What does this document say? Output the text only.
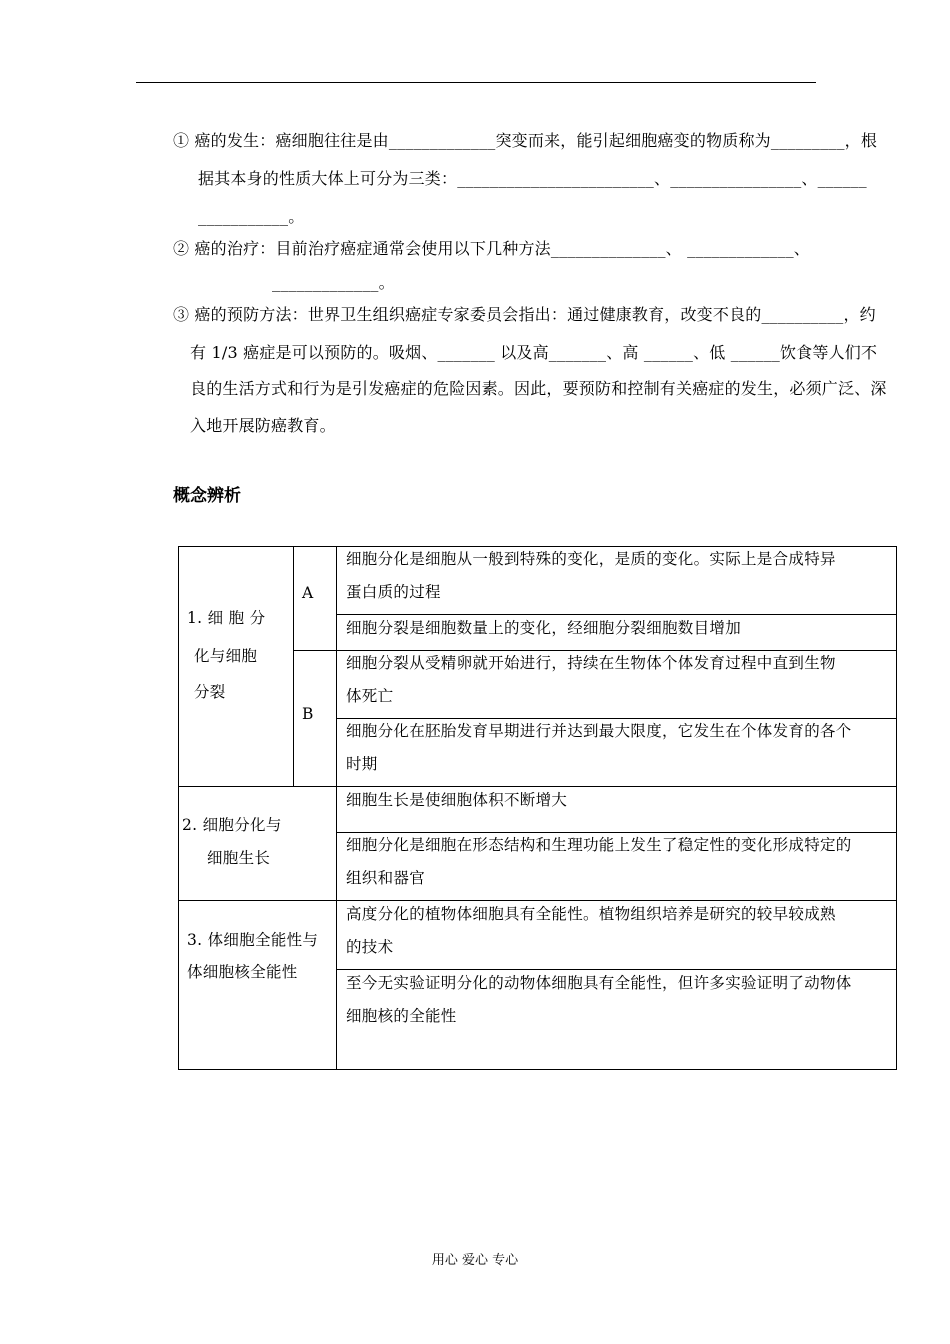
① 癌的发生：癌细胞往往是由_____________突变而来，能引起细胞癌变的物质称为_________，根
据其本身的性质大体上可分为三类：________________________、________________、______
___________。
② 癌的治疗：目前治疗癌症通常会使用以下几种方法______________、 _____________、
_____________。
③ 癌的预防方法：世界卫生组织癌症专家委员会指出：通过健康教育，改变不良的__________，约
有 1/3 癌症是可以预防的。吸烟、_______ 以及高_______、高 ______、低 ______饮食等人们不
良的生活方式和行为是引发癌症的危险因素。因此，要预防和控制有关癌症的发生，必须广泛、深
入地开展防癌教育。
概念辨析
1. 细 胞 分
化与细胞
分裂
A
B
细胞分化是细胞从一般到特殊的变化，是质的变化。实际上是合成特异
蛋白质的过程
细胞分裂是细胞数量上的变化，经细胞分裂细胞数目增加
细胞分裂从受精卵就开始进行，持续在生物体个体发育过程中直到生物
体死亡
细胞分化在胚胎发育早期进行并达到最大限度，它发生在个体发育的各个
时期
2. 细胞分化与
细胞生长
细胞生长是使细胞体积不断增大
细胞分化是细胞在形态结构和生理功能上发生了稳定性的变化形成特定的
组织和器官
3. 体细胞全能性与
体细胞核全能性
高度分化的植物体细胞具有全能性。植物组织培养是研究的较早较成熟
的技术
至今无实验证明分化的动物体细胞具有全能性，但许多实验证明了动物体
细胞核的全能性
用心 爱心 专心
